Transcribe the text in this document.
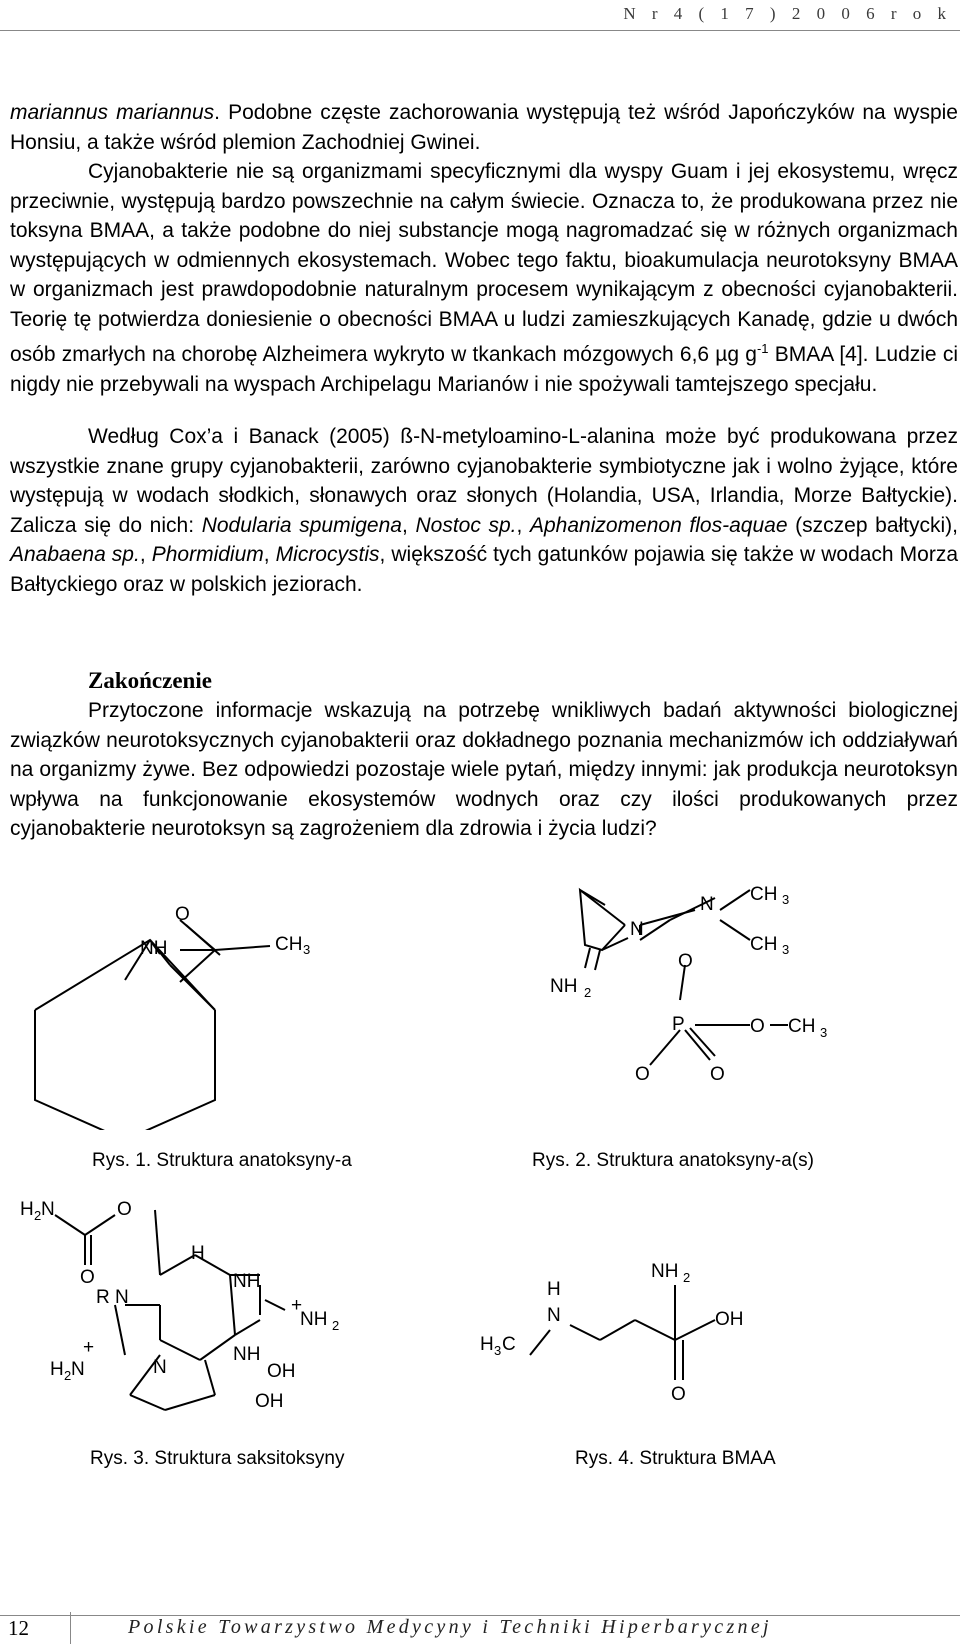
N r 4 ( 1 7 ) 2 0 0 6 r o k

mariannus mariannus. Podobne częste zachorowania występują też wśród Japończyków na wyspie Honsiu, a także wśród plemion Zachodniej Gwinei.

Cyjanobakterie nie są organizmami specyficznymi dla wyspy Guam i jej ekosystemu, wręcz przeciwnie, występują bardzo powszechnie na całym świecie. Oznacza to, że produkowana przez nie toksyna BMAA, a także podobne do niej substancje mogą nagromadzać się w różnych organizmach występujących w odmiennych ekosystemach. Wobec tego faktu, bioakumulacja neurotoksyny BMAA w organizmach jest prawdopodobnie naturalnym procesem wynikającym z obecności cyjanobakterii. Teorię tę potwierdza doniesienie o obecności BMAA u ludzi zamieszkujących Kanadę, gdzie u dwóch osób zmarłych na chorobę Alzheimera wykryto w tkankach mózgowych 6,6 µg $g^{-1}$ BMAA [4]. Ludzie ci nigdy nie przebywali na wyspach Archipelagu Marianów i nie spożywali tamtejszego specjału.

Według Cox’a i Banack (2005) ß-N-metyloamino-L-alanina może być produkowana przez wszystkie znane grupy cyjanobakterii, zarówno cyjanobakterie symbiotyczne jak i wolno żyjące, które występują w wodach słodkich, słonawych oraz słonych (Holandia, USA, Irlandia, Morze Bałtyckie). Zalicza się do nich: Nodularia spumigena, Nostoc sp., Aphanizomenon flos-aquae (szczep bałtycki), Anabaena sp., Phormidium, Microcystis, większość tych gatunków pojawia się także w wodach Morza Bałtyckiego oraz w polskich jeziorach.

Zakończenie

Przytoczone informacje wskazują na potrzebę wnikliwych badań aktywności biologicznej związków neurotoksycznych cyjanobakterii oraz dokładnego poznania mechanizmów ich oddziaływań na organizmy żywe. Bez odpowiedzi pozostaje wiele pytań, między innymi: jak produkcja neurotoksyn wpływa na funkcjonowanie ekosystemów wodnych oraz czy ilości produkowanych przez cyjanobakterie neurotoksyn są zagrożeniem dla zdrowia i życia ludzi?

NH
O
CH 3
Rys. 1. Struktura anatoksyny-a
N
N CH 3
CH 3
O
NH 2
P	O CH 3
O	O
Rys. 2. Struktura anatoksyny-a(s)
H 2 N	O
O
H
NH
R N	+
NH 2
+
H 2 N	N
NH
OH
OH
Rys. 3. Struktura saksitoksyny
H 3 C
H
N
NH 2
OH
O
Rys. 4. Struktura BMAA
12	Polskie Towarzystwo Medycyny i Techniki Hiperbarycznej
